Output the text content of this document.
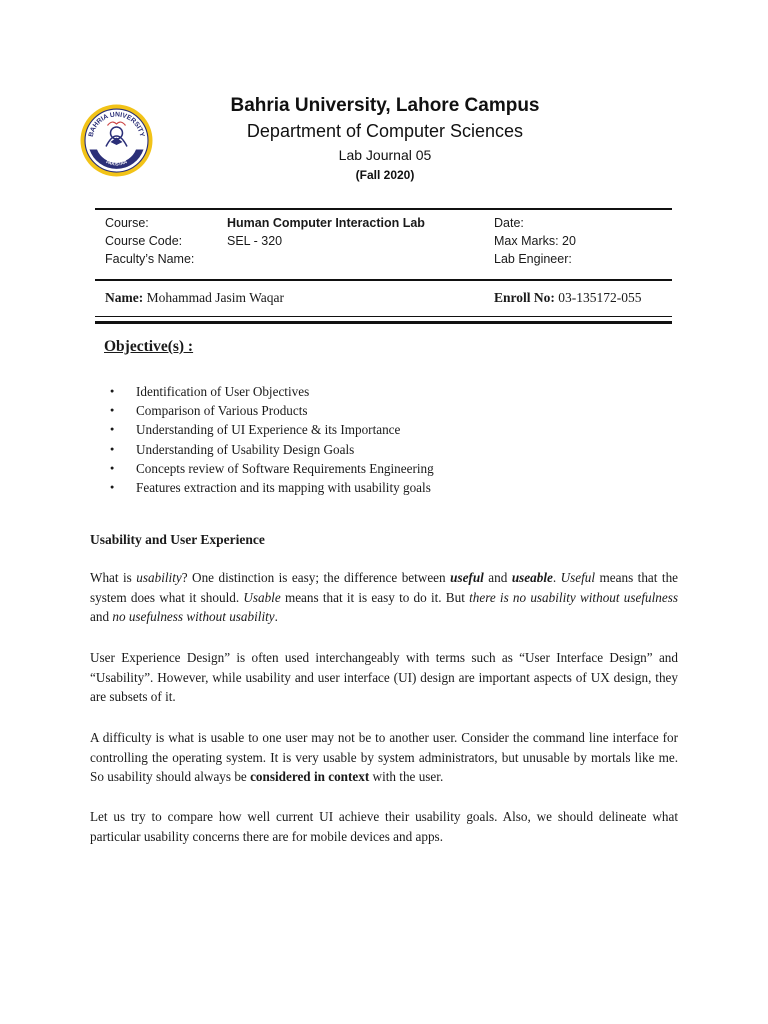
BAHRIA UNIVERSITY
PAKISTAN
Bahria University, Lahore Campus
Department of Computer Sciences
Lab Journal 05
(Fall 2020)
Course:
Course Code:
Faculty’s Name:
Human Computer Interaction Lab
SEL - 320
Date:
Max Marks: 20
Lab Engineer:
Name: Mohammad Jasim Waqar	Enroll No: 03-135172-055
Objective(s) :
● Identification of User Objectives
● Comparison of Various Products
● Understanding of UI Experience & its Importance
● Understanding of Usability Design Goals
● Concepts review of Software Requirements Engineering
● Features extraction and its mapping with usability goals
Usability and User Experience
What is usability? One distinction is easy; the difference between useful and useable. Useful means that the system does what it should. Usable means that it is easy to do it. But there is no usability without usefulness and no usefulness without usability.
User Experience Design” is often used interchangeably with terms such as “User Interface Design” and “Usability”. However, while usability and user interface (UI) design are important aspects of UX design, they are subsets of it.
A difficulty is what is usable to one user may not be to another user. Consider the command line interface for controlling the operating system. It is very usable by system administrators, but unusable by mortals like me. So usability should always be considered in context with the user.
Let us try to compare how well current UI achieve their usability goals. Also, we should delineate what particular usability concerns there are for mobile devices and apps.
